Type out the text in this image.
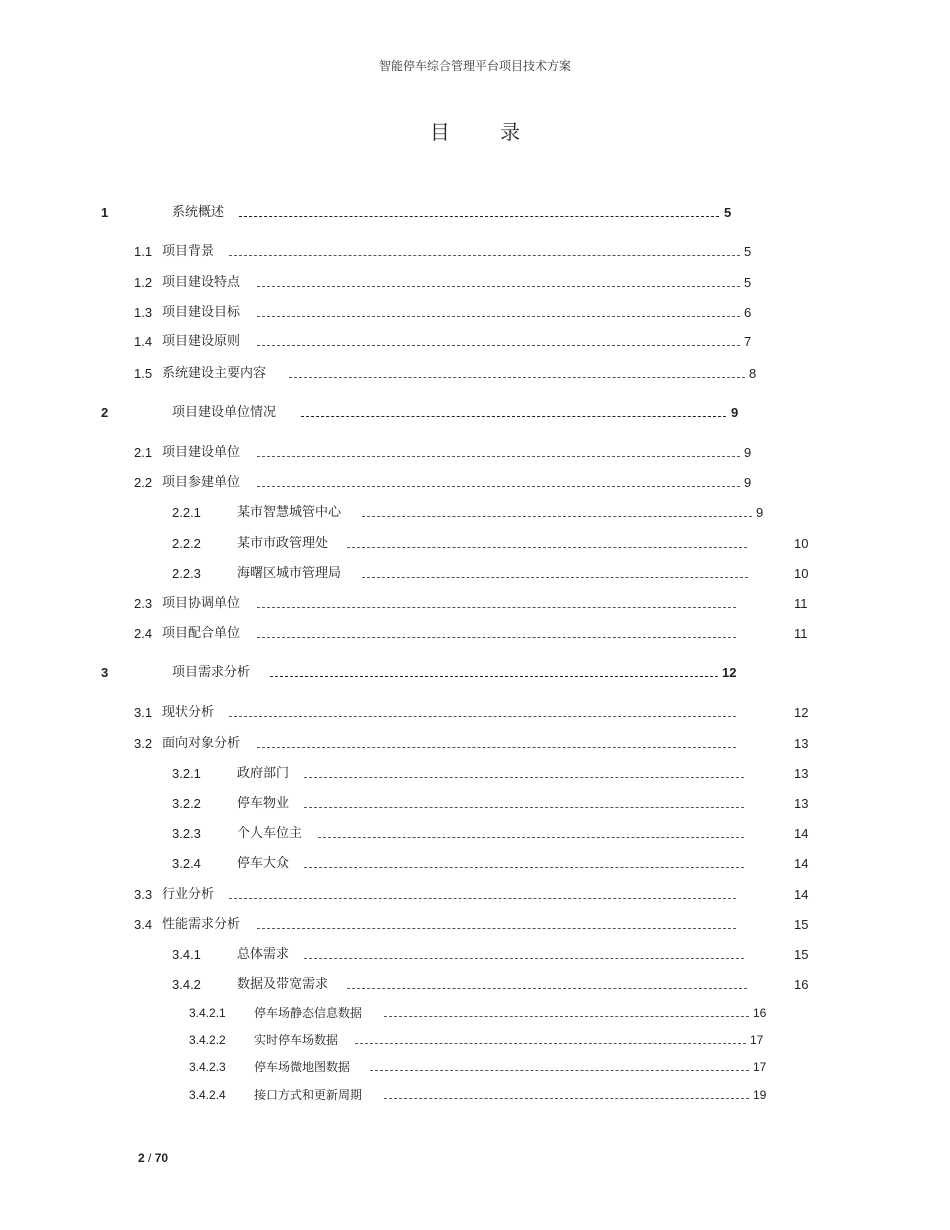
智能停车综合管理平台项目技术方案
目 录
1	系统概述	5
1.1 项目背景	5
1.2 项目建设特点	5
1.3 项目建设目标	6
1.4 项目建设原则	7
1.5 系统建设主要内容	8
2	项目建设单位情况	9
2.1 项目建设单位	9
2.2 项目参建单位	9
2.2.1	某市智慧城管中心	9
2.2.2	某市市政管理处	10
2.2.3	海曙区城市管理局	10
2.3 项目协调单位	11
2.4 项目配合单位	11
3	项目需求分析	12
3.1 现状分析	12
3.2 面向对象分析	13
3.2.1	政府部门	13
3.2.2	停车物业	13
3.2.3	个人车位主	14
3.2.4	停车大众	14
3.3 行业分析	14
3.4 性能需求分析	15
3.4.1	总体需求	15
3.4.2	数据及带宽需求	16
3.4.2.1 停车场静态信息数据	16
3.4.2.2 实时停车场数据	17
3.4.2.3 停车场微地图数据	17
3.4.2.4 接口方式和更新周期	19
2 / 70
